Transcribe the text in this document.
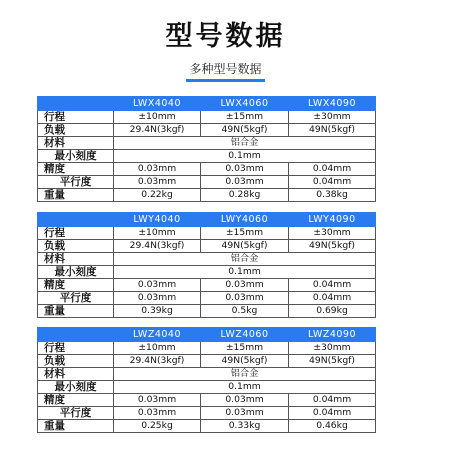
型号数据
多种型号数据
	LWX4040	LWX4060	LWX4090
行程	±10mm	±15mm	±30mm
负载	29.4N(3kgf)	49N(5kgf)	49N(5kgf)
材料	铝合金		
最小刻度	0.1mm		
精度	0.03mm	0.03mm	0.04mm
平行度	0.03mm	0.03mm	0.04mm
重量	0.22kg	0.28kg	0.38kg
	LWY4040	LWY4060	LWY4090
行程	±10mm	±15mm	±30mm
负载	29.4N(3kgf)	49N(5kgf)	49N(5kgf)
材料	铝合金		
最小刻度	0.1mm		
精度	0.03mm	0.03mm	0.04mm
平行度	0.03mm	0.03mm	0.04mm
重量	0.39kg	0.5kg	0.69kg
	LWZ4040	LWZ4060	LWZ4090
行程	±10mm	±15mm	±30mm
负载	29.4N(3kgf)	49N(5kgf)	49N(5kgf)
材料	铝合金		
最小刻度	0.1mm		
精度	0.03mm	0.03mm	0.04mm
平行度	0.03mm	0.03mm	0.04mm
重量	0.25kg	0.33kg	0.46kg
